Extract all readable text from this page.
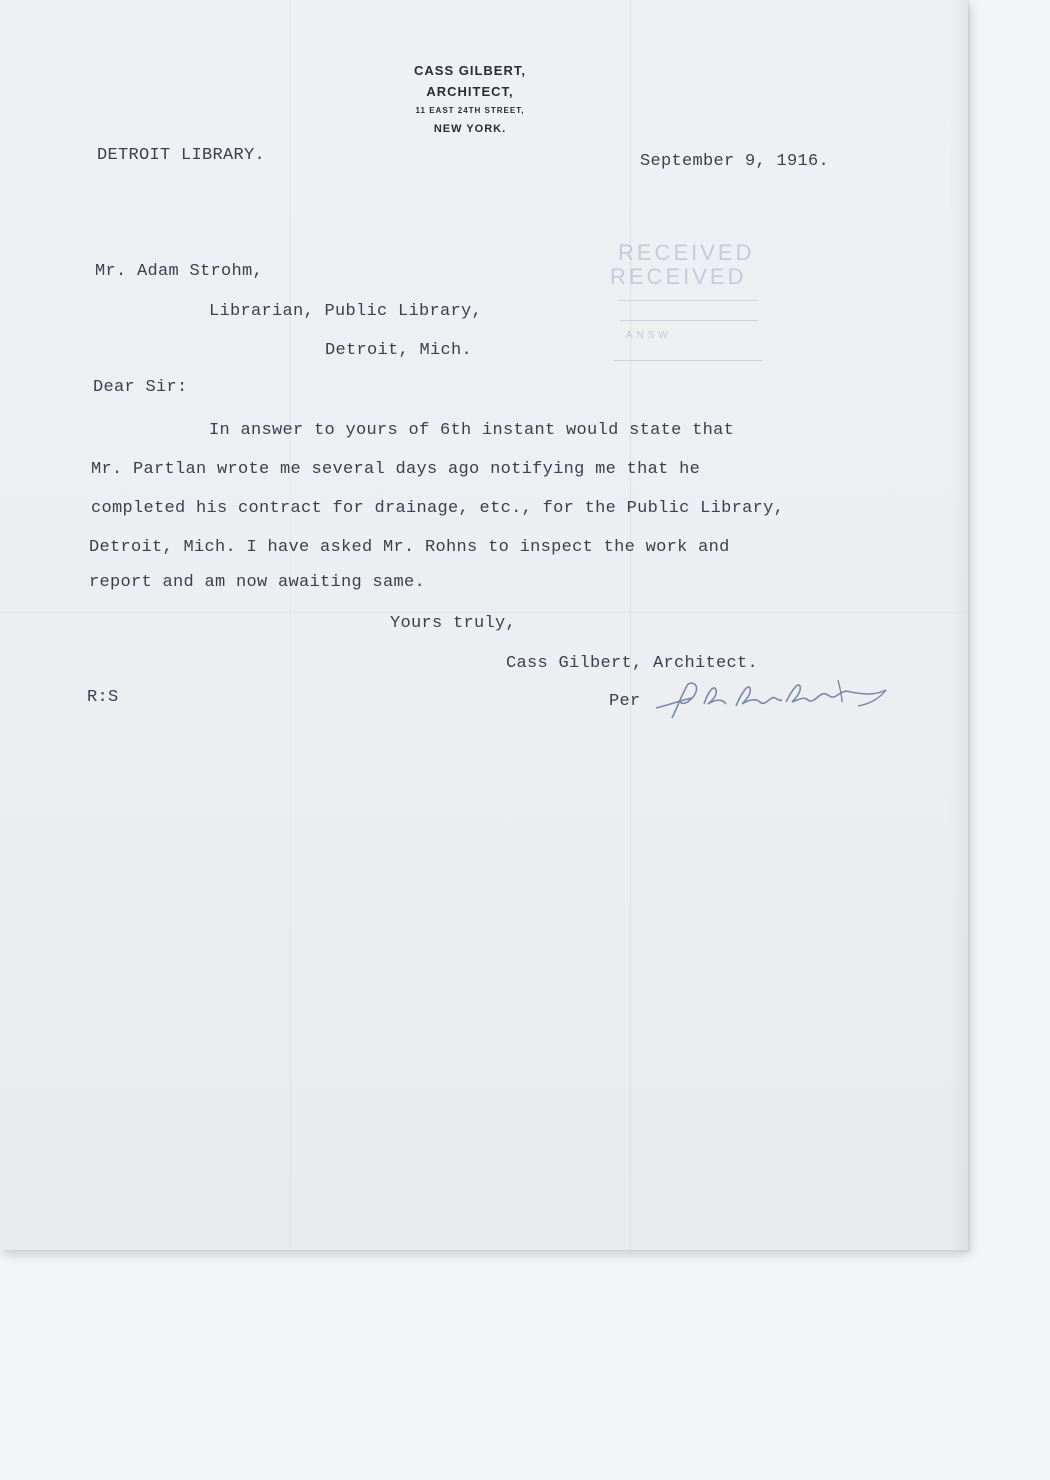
CASS GILBERT,
ARCHITECT,
11 EAST 24TH STREET,
NEW YORK.
DETROIT LIBRARY.	September 9, 1916.
RECEIVED
RECEIVED
ANSW
Mr. Adam Strohm,
Librarian, Public Library,
Detroit, Mich.
Dear Sir:
In answer to yours of 6th instant would state that
Mr. Partlan wrote me several days ago notifying me that he
completed his contract for drainage, etc., for the Public Library,
Detroit, Mich. I have asked Mr. Rohns to inspect the work and
report and am now awaiting same.
Yours truly,
Cass Gilbert, Architect.
R:S	Per
